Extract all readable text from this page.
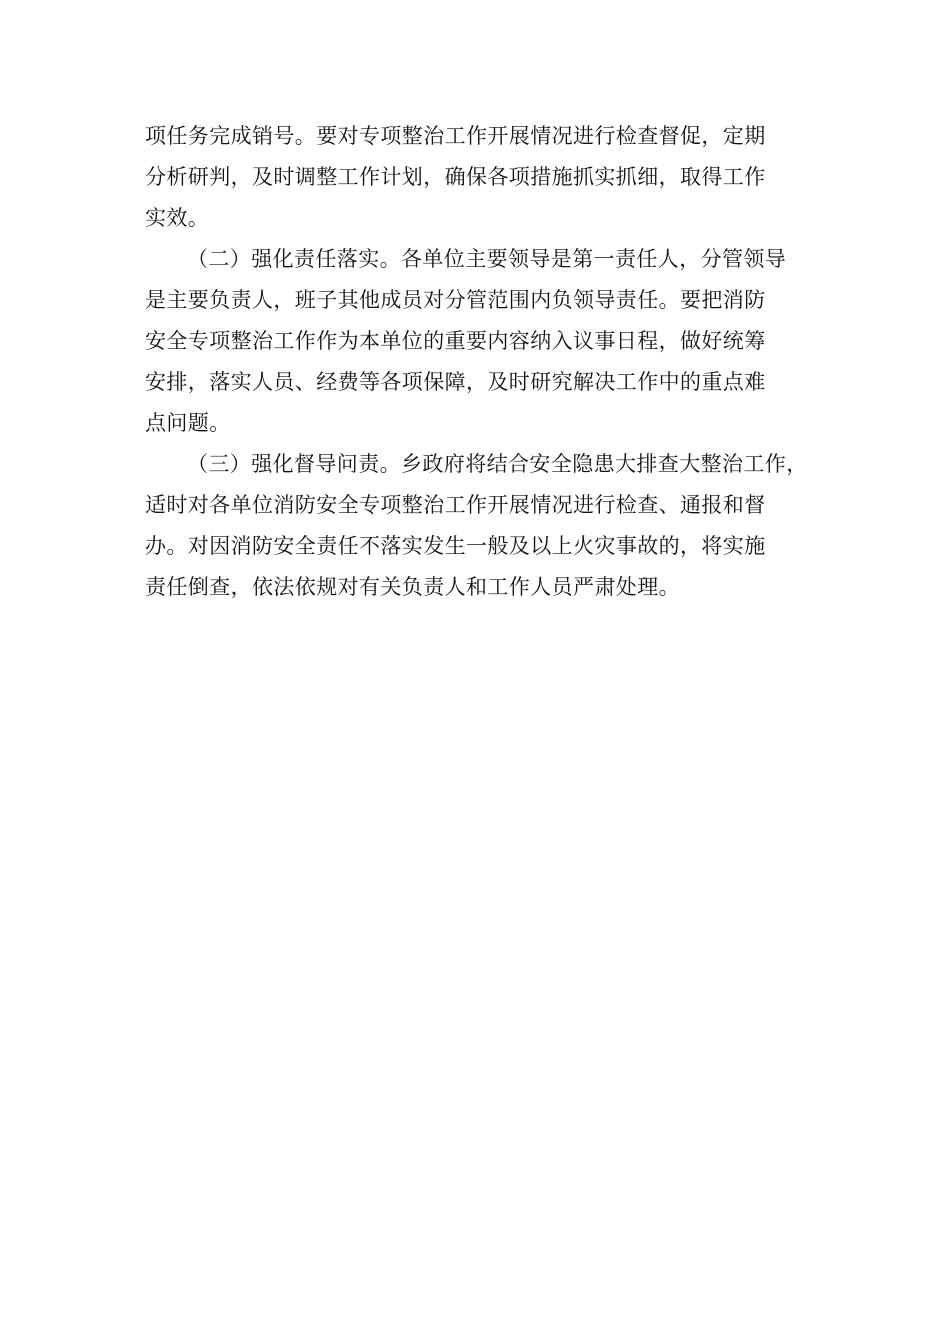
项任务完成销号。要对专项整治工作开展情况进行检查督促，定期
分析研判，及时调整工作计划，确保各项措施抓实抓细，取得工作
实效。
（二）强化责任落实。各单位主要领导是第一责任人，分管领导
是主要负责人，班子其他成员对分管范围内负领导责任。要把消防
安全专项整治工作作为本单位的重要内容纳入议事日程，做好统筹
安排，落实人员、经费等各项保障，及时研究解决工作中的重点难
点问题。
（三）强化督导问责。乡政府将结合安全隐患大排查大整治工作，
适时对各单位消防安全专项整治工作开展情况进行检查、通报和督
办。对因消防安全责任不落实发生一般及以上火灾事故的，将实施
责任倒查，依法依规对有关负责人和工作人员严肃处理。
